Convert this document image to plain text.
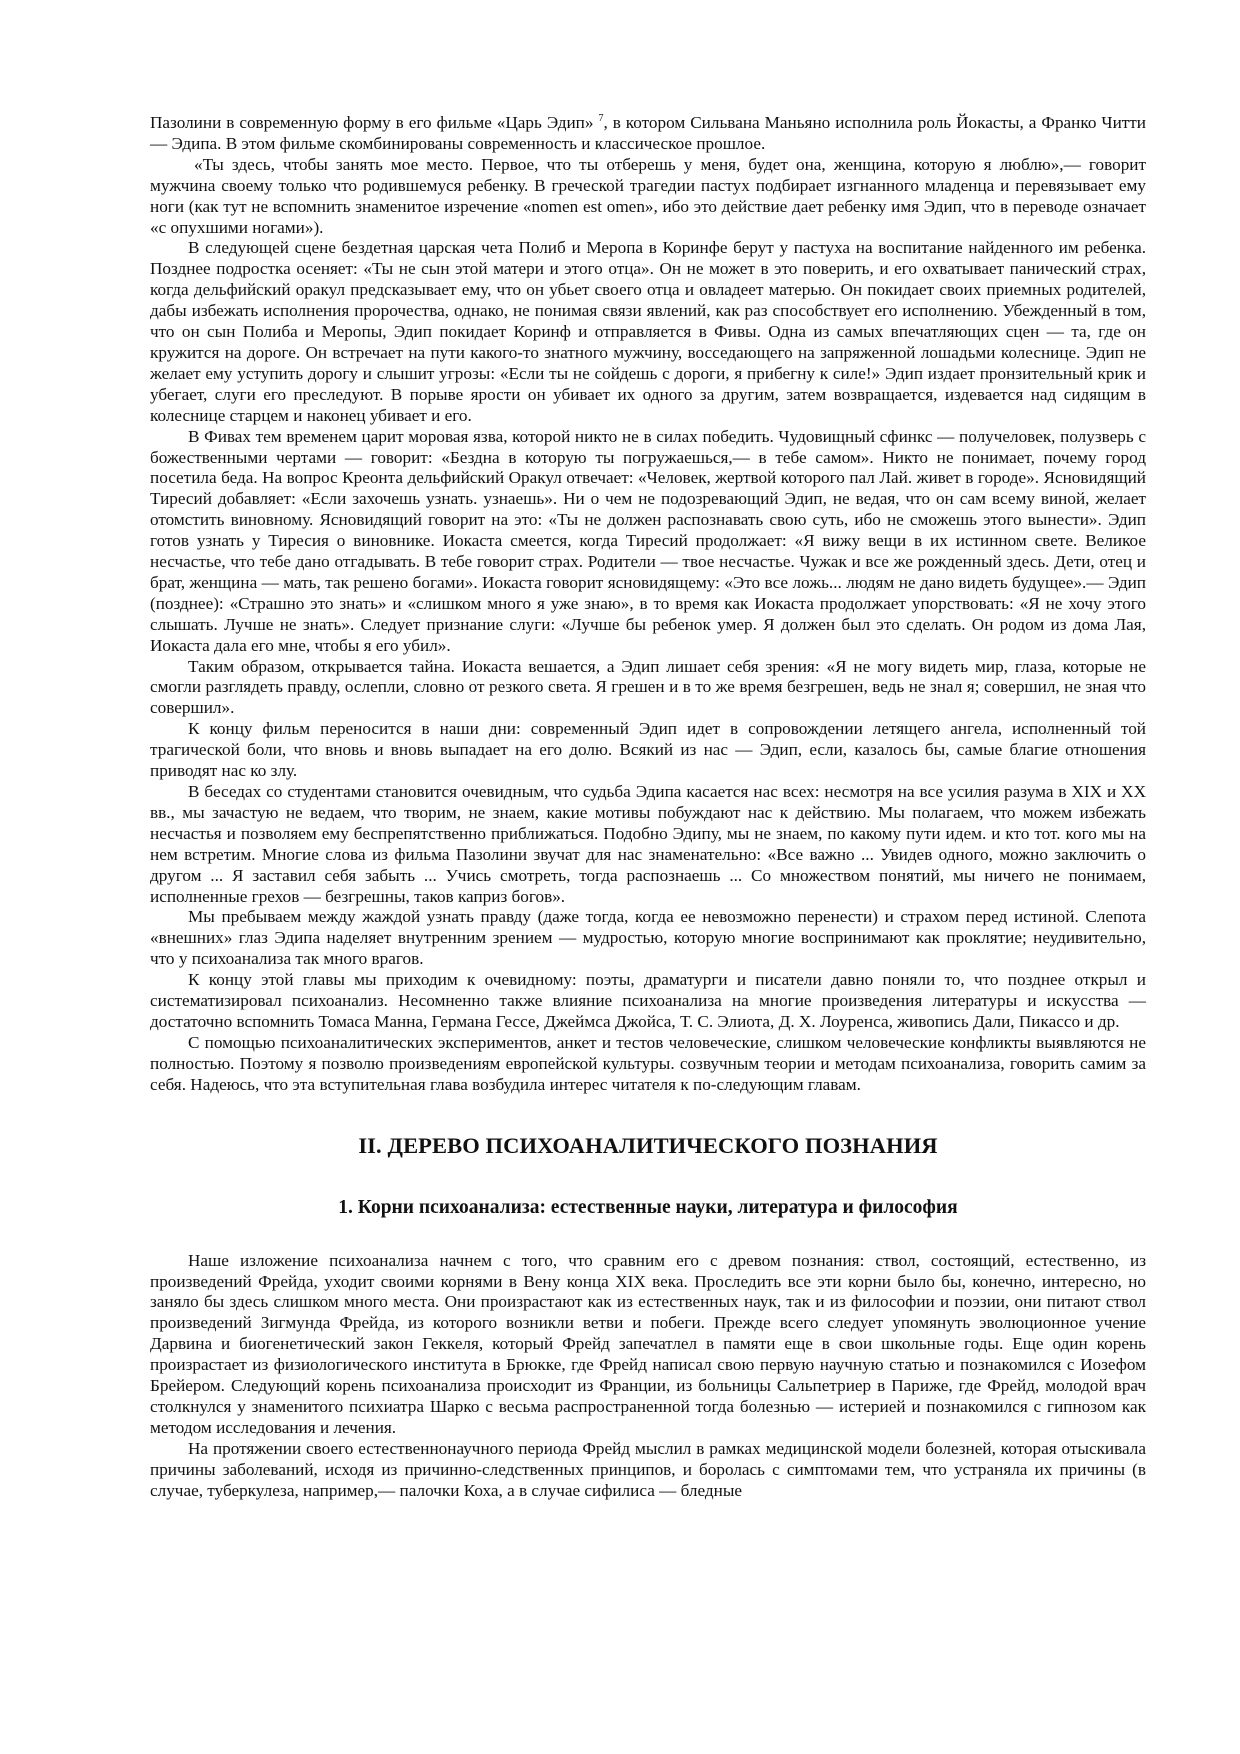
Пазолини в современную форму в его фильме «Царь Эдип» $^7$, в котором Сильвана Маньяно исполнила роль Йокасты, а Франко Читти — Эдипа. В этом фильме скомбинированы современность и классическое прошлое.

«Ты здесь, чтобы занять мое место. Первое, что ты отберешь у меня, будет она, женщина, которую я люблю»,— говорит мужчина своему только что родившемуся ребенку. В греческой трагедии пастух подбирает изгнанного младенца и перевязывает ему ноги (как тут не вспомнить знаменитое изречение «nomen est omen», ибо это действие дает ребенку имя Эдип, что в переводе означает «с опухшими ногами»).

В следующей сцене бездетная царская чета Полиб и Меропа в Коринфе берут у пастуха на воспитание найденного им ребенка. Позднее подростка осеняет: «Ты не сын этой матери и этого отца». Он не может в это поверить, и его охватывает панический страх, когда дельфийский оракул предсказывает ему, что он убьет своего отца и овладеет матерью. Он покидает своих приемных родителей, дабы избежать исполнения пророчества, однако, не понимая связи явлений, как раз способствует его исполнению. Убежденный в том, что он сын Полиба и Меропы, Эдип покидает Коринф и отправляется в Фивы. Одна из самых впечатляющих сцен — та, где он кружится на дороге. Он встречает на пути какого-то знатного мужчину, восседающего на запряженной лошадьми колеснице. Эдип не желает ему уступить дорогу и слышит угрозы: «Если ты не сойдешь с дороги, я прибегну к силе!» Эдип издает пронзительный крик и убегает, слуги его преследуют. В порыве ярости он убивает их одного за другим, затем возвращается, издевается над сидящим в колеснице старцем и наконец убивает и его.

В Фивах тем временем царит моровая язва, которой никто не в силах победить. Чудовищный сфинкс — получеловек, полузверь с божественными чертами — говорит: «Бездна в которую ты погружаешься,— в тебе самом». Никто не понимает, почему город посетила беда. На вопрос Креонта дельфийский Оракул отвечает: «Человек, жертвой которого пал Лай. живет в городе». Ясновидящий Тиресий добавляет: «Если захочешь узнать. узнаешь». Ни о чем не подозревающий Эдип, не ведая, что он сам всему виной, желает отомстить виновному. Ясновидящий говорит на это: «Ты не должен распознавать свою суть, ибо не сможешь этого вынести». Эдип готов узнать у Тиресия о виновнике. Иокаста смеется, когда Тиресий продолжает: «Я вижу вещи в их истинном свете. Великое несчастье, что тебе дано отгадывать. В тебе говорит страх. Родители — твое несчастье. Чужак и все же рожденный здесь. Дети, отец и брат, женщина — мать, так решено богами». Иокаста говорит ясновидящему: «Это все ложь... людям не дано видеть будущее».— Эдип (позднее): «Страшно это знать» и «слишком много я уже знаю», в то время как Иокаста продолжает упорствовать: «Я не хочу этого слышать. Лучше не знать». Следует признание слуги: «Лучше бы ребенок умер. Я должен был это сделать. Он родом из дома Лая, Иокаста дала его мне, чтобы я его убил».

Таким образом, открывается тайна. Иокаста вешается, а Эдип лишает себя зрения: «Я не могу видеть мир, глаза, которые не смогли разглядеть правду, ослепли, словно от резкого света. Я грешен и в то же время безгрешен, ведь не знал я; совершил, не зная что совершил».

К концу фильм переносится в наши дни: современный Эдип идет в сопровождении летящего ангела, исполненный той трагической боли, что вновь и вновь выпадает на его долю. Всякий из нас — Эдип, если, казалось бы, самые благие отношения приводят нас ко злу.

В беседах со студентами становится очевидным, что судьба Эдипа касается нас всех: несмотря на все усилия разума в XIX и XX вв., мы зачастую не ведаем, что творим, не знаем, какие мотивы побуждают нас к действию. Мы полагаем, что можем избежать несчастья и позволяем ему беспрепятственно приближаться. Подобно Эдипу, мы не знаем, по какому пути идем. и кто тот. кого мы на нем встретим. Многие слова из фильма Пазолини звучат для нас знаменательно: «Все важно ... Увидев одного, можно заключить о другом ... Я заставил себя забыть ... Учись смотреть, тогда распознаешь ... Со множеством понятий, мы ничего не понимаем, исполненные грехов — безгрешны, таков каприз богов».

Мы пребываем между жаждой узнать правду (даже тогда, когда ее невозможно перенести) и страхом перед истиной. Слепота «внешних» глаз Эдипа наделяет внутренним зрением — мудростью, которую многие воспринимают как проклятие; неудивительно, что у психоанализа так много врагов.

К концу этой главы мы приходим к очевидному: поэты, драматурги и писатели давно поняли то, что позднее открыл и систематизировал психоанализ. Несомненно также влияние психоанализа на многие произведения литературы и искусства — достаточно вспомнить Томаса Манна, Германа Гессе, Джеймса Джойса, Т. С. Элиота, Д. Х. Лоуренса, живопись Дали, Пикассо и др.

С помощью психоаналитических экспериментов, анкет и тестов человеческие, слишком человеческие конфликты выявляются не полностью. Поэтому я позволю произведениям европейской культуры. созвучным теории и методам психоанализа, говорить самим за себя. Надеюсь, что эта вступительная глава возбудила интерес читателя к по-следующим главам.

II. ДЕРЕВО ПСИХОАНАЛИТИЧЕСКОГО ПОЗНАНИЯ
1. Корни психоанализа: естественные науки, литература и философия

Наше изложение психоанализа начнем с того, что сравним его с древом познания: ствол, состоящий, естественно, из произведений Фрейда, уходит своими корнями в Вену конца XIX века. Проследить все эти корни было бы, конечно, интересно, но заняло бы здесь слишком много места. Они произрастают как из естественных наук, так и из философии и поэзии, они питают ствол произведений Зигмунда Фрейда, из которого возникли ветви и побеги. Прежде всего следует упомянуть эволюционное учение Дарвина и биогенетический закон Геккеля, который Фрейд запечатлел в памяти еще в свои школьные годы. Еще один корень произрастает из физиологического института в Брюкке, где Фрейд написал свою первую научную статью и познакомился с Иозефом Брейером. Следующий корень психоанализа происходит из Франции, из больницы Сальпетриер в Париже, где Фрейд, молодой врач столкнулся у знаменитого психиатра Шарко с весьма распространенной тогда болезнью — истерией и познакомился с гипнозом как методом исследования и лечения.

На протяжении своего естественнонаучного периода Фрейд мыслил в рамках медицинской модели болезней, которая отыскивала причины заболеваний, исходя из причинно-следственных принципов, и боролась с симптомами тем, что устраняла их причины (в случае, туберкулеза, например,— палочки Коха, а в случае сифилиса — бледные
